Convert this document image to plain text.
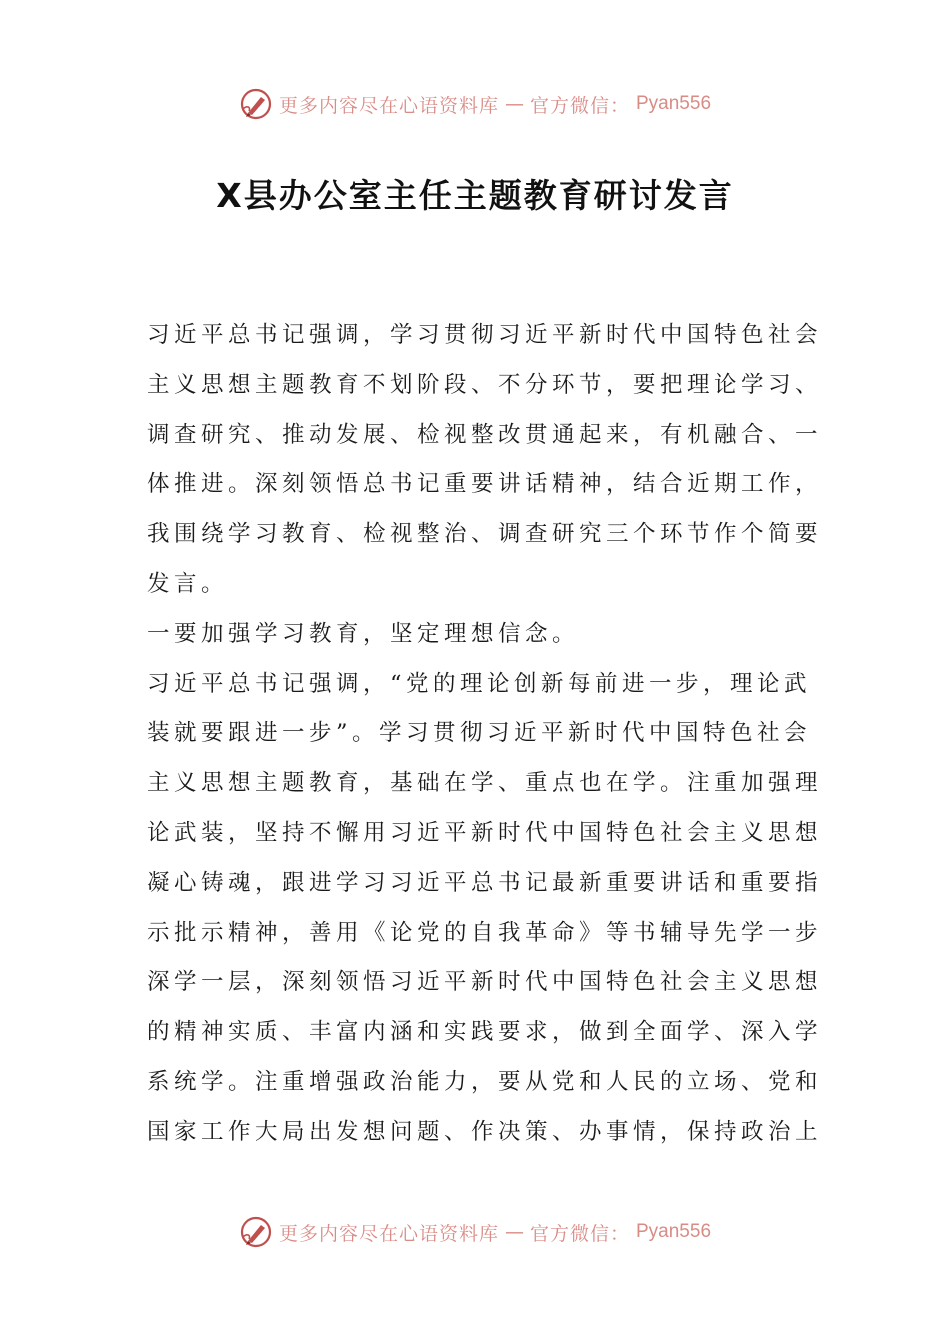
更多内容尽在心语资料库 — 官方微信： Pyan556
X县办公室主任主题教育研讨发言
习近平总书记强调，学习贯彻习近平新时代中国特色社会
主义思想主题教育不划阶段、不分环节，要把理论学习、
调查研究、推动发展、检视整改贯通起来，有机融合、一
体推进。深刻领悟总书记重要讲话精神，结合近期工作，
我围绕学习教育、检视整治、调查研究三个环节作个简要
发言。
一要加强学习教育，坚定理想信念。
习近平总书记强调，“党的理论创新每前进一步，理论武
装就要跟进一步”。学习贯彻习近平新时代中国特色社会
主义思想主题教育，基础在学、重点也在学。注重加强理
论武装，坚持不懈用习近平新时代中国特色社会主义思想
凝心铸魂，跟进学习习近平总书记最新重要讲话和重要指
示批示精神，善用《论党的自我革命》等书辅导先学一步
深学一层，深刻领悟习近平新时代中国特色社会主义思想
的精神实质、丰富内涵和实践要求，做到全面学、深入学
系统学。注重增强政治能力，要从党和人民的立场、党和
国家工作大局出发想问题、作决策、办事情，保持政治上
更多内容尽在心语资料库 — 官方微信： Pyan556
